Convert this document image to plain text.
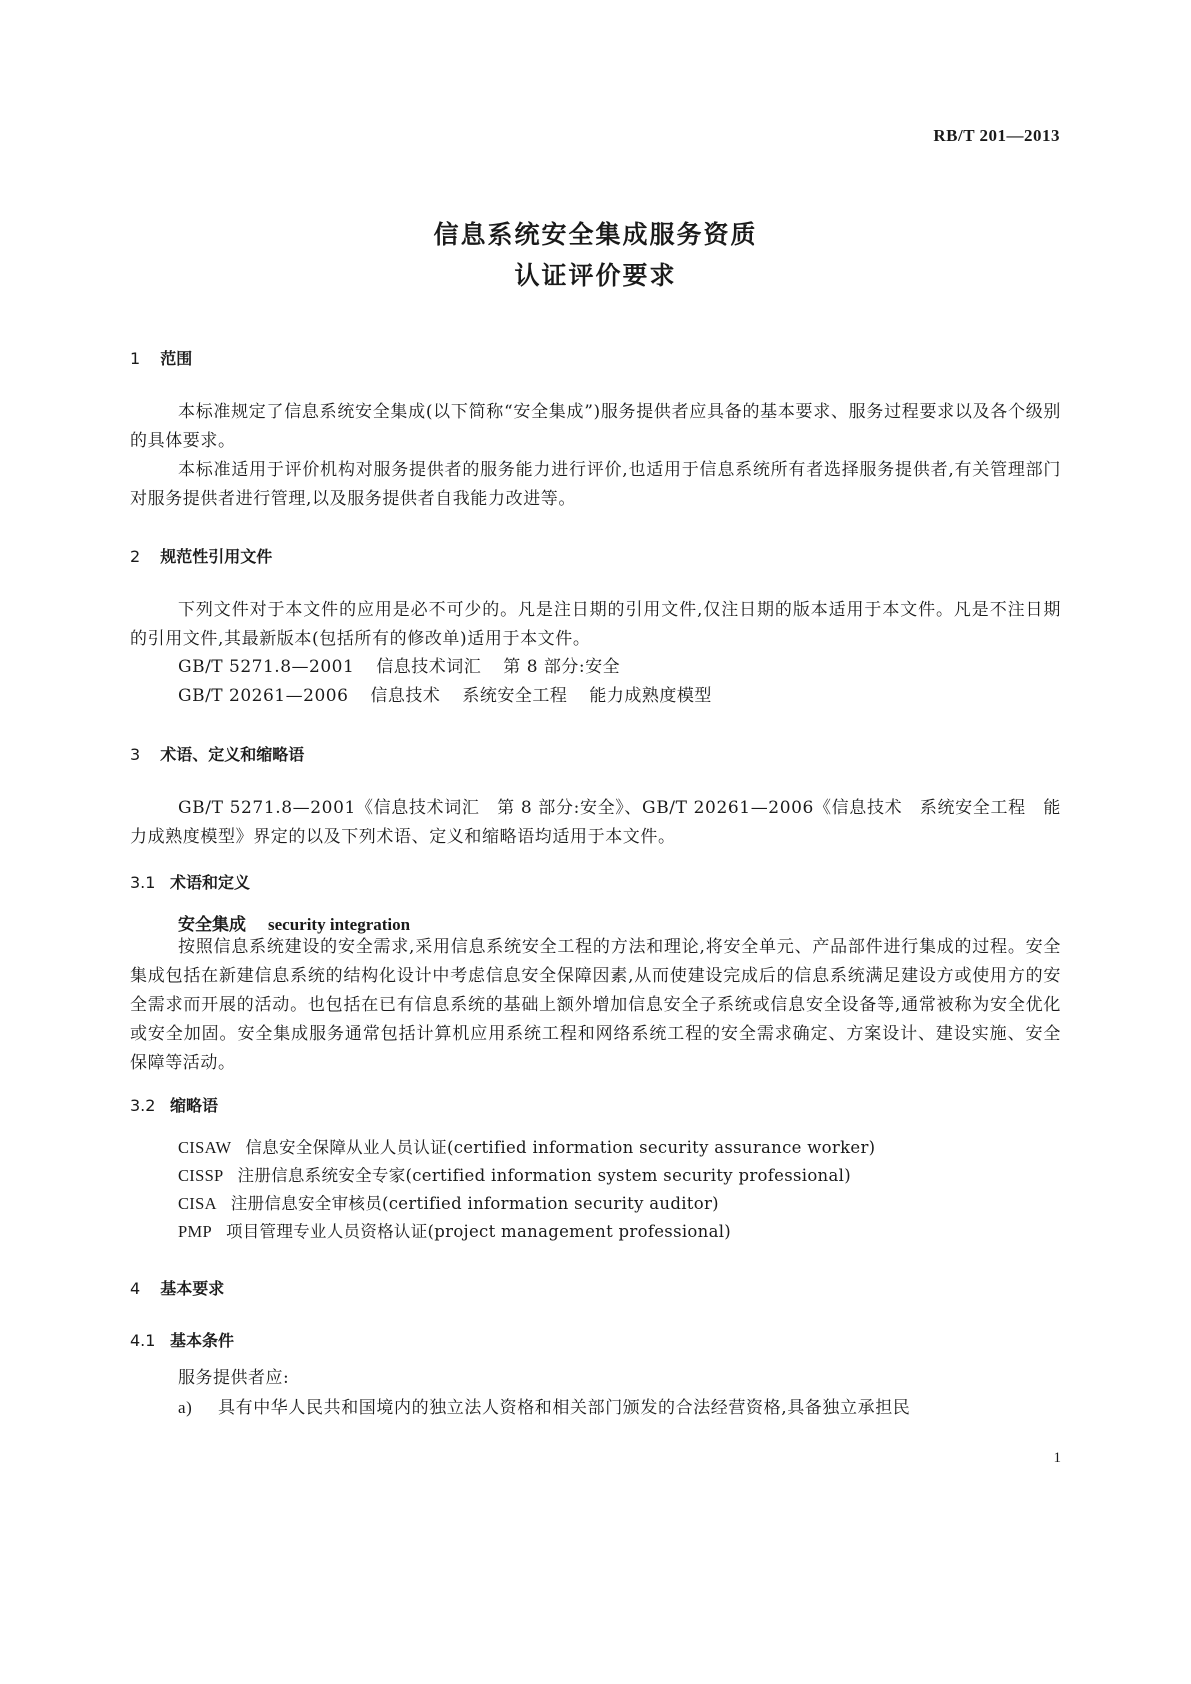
RB/T 201—2013
信息系统安全集成服务资质
认证评价要求
1 范围
本标准规定了信息系统安全集成(以下简称“安全集成”)服务提供者应具备的基本要求、服务过程要求以及各个级别的具体要求。
本标准适用于评价机构对服务提供者的服务能力进行评价,也适用于信息系统所有者选择服务提供者,有关管理部门对服务提供者进行管理,以及服务提供者自我能力改进等。
2 规范性引用文件
下列文件对于本文件的应用是必不可少的。凡是注日期的引用文件,仅注日期的版本适用于本文件。凡是不注日期的引用文件,其最新版本(包括所有的修改单)适用于本文件。
GB/T 5271.8—2001 信息技术词汇 第 8 部分:安全
GB/T 20261—2006 信息技术 系统安全工程 能力成熟度模型
3 术语、定义和缩略语
GB/T 5271.8—2001《信息技术词汇　第 8 部分:安全》、GB/T 20261—2006《信息技术　系统安全工程　能力成熟度模型》界定的以及下列术语、定义和缩略语均适用于本文件。
3.1 术语和定义
安全集成 security integration
按照信息系统建设的安全需求,采用信息系统安全工程的方法和理论,将安全单元、产品部件进行集成的过程。安全集成包括在新建信息系统的结构化设计中考虑信息安全保障因素,从而使建设完成后的信息系统满足建设方或使用方的安全需求而开展的活动。也包括在已有信息系统的基础上额外增加信息安全子系统或信息安全设备等,通常被称为安全优化或安全加固。安全集成服务通常包括计算机应用系统工程和网络系统工程的安全需求确定、方案设计、建设实施、安全保障等活动。
3.2 缩略语
CISAW 信息安全保障从业人员认证(certified information security assurance worker)
CISSP 注册信息系统安全专家(certified information system security professional)
CISA 注册信息安全审核员(certified information security auditor)
PMP 项目管理专业人员资格认证(project management professional)
4 基本要求
4.1 基本条件
服务提供者应:
a) 具有中华人民共和国境内的独立法人资格和相关部门颁发的合法经营资格,具备独立承担民
1
